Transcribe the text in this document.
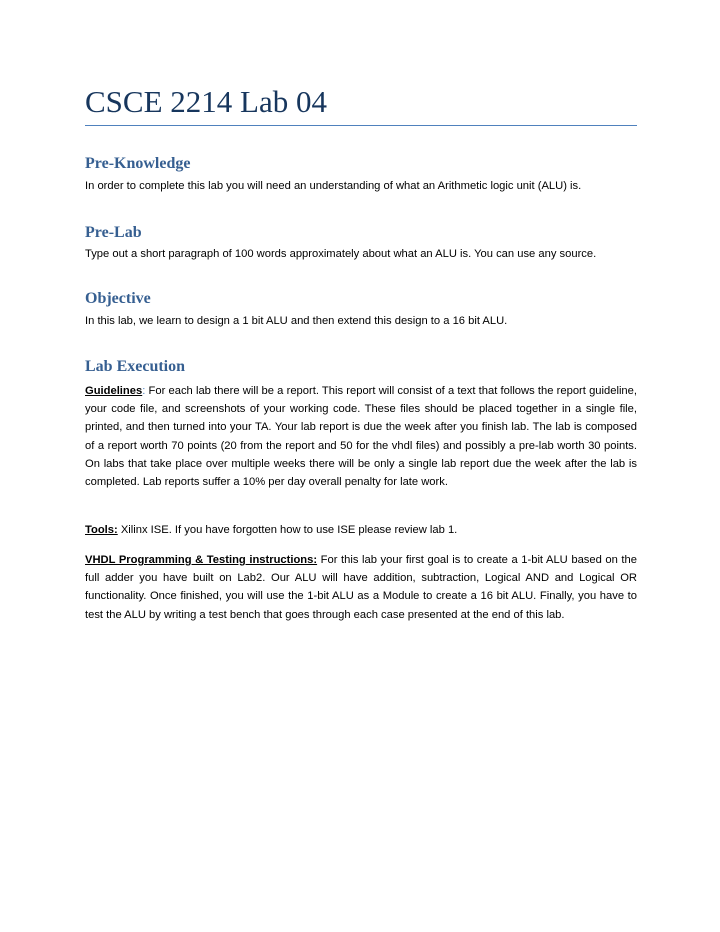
CSCE 2214 Lab 04
Pre-Knowledge
In order to complete this lab you will need an understanding of what an Arithmetic logic unit (ALU) is.
Pre-Lab
Type out a short paragraph of 100 words approximately about what an ALU is. You can use any source.
Objective
In this lab, we learn to design a 1 bit ALU and then extend this design to a 16 bit ALU.
Lab Execution
Guidelines: For each lab there will be a report. This report will consist of a text that follows the report guideline, your code file, and screenshots of your working code. These files should be placed together in a single file, printed, and then turned into your TA. Your lab report is due the week after you finish lab. The lab is composed of a report worth 70 points (20 from the report and 50 for the vhdl files) and possibly a pre-lab worth 30 points. On labs that take place over multiple weeks there will be only a single lab report due the week after the lab is completed. Lab reports suffer a 10% per day overall penalty for late work.
Tools: Xilinx ISE. If you have forgotten how to use ISE please review lab 1.
VHDL Programming & Testing instructions: For this lab your first goal is to create a 1-bit ALU based on the full adder you have built on Lab2. Our ALU will have addition, subtraction, Logical AND and Logical OR functionality. Once finished, you will use the 1-bit ALU as a Module to create a 16 bit ALU. Finally, you have to test the ALU by writing a test bench that goes through each case presented at the end of this lab.
